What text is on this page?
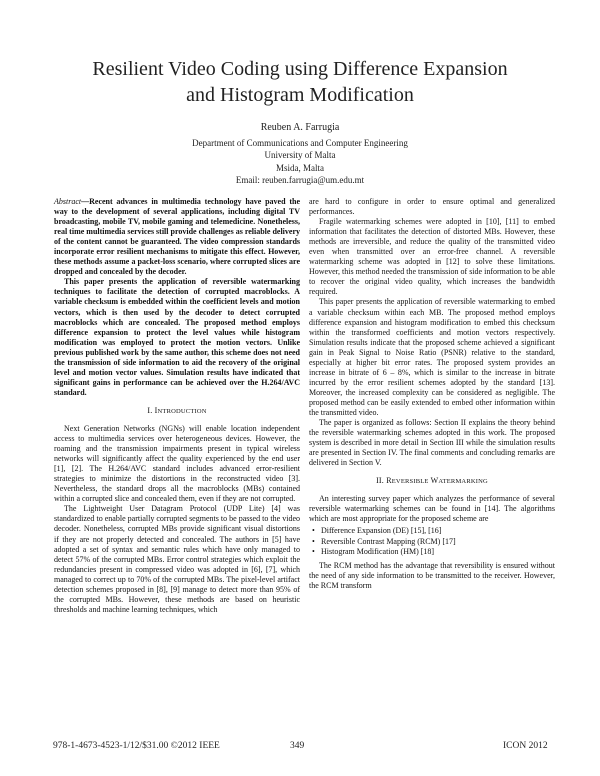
Resilient Video Coding using Difference Expansion
and Histogram Modification
Reuben A. Farrugia
Department of Communications and Computer Engineering
University of Malta
Msida, Malta
Email: reuben.farrugia@um.edu.mt

Abstract—Recent advances in multimedia technology have paved the way to the development of several applications, including digital TV broadcasting, mobile TV, mobile gaming and telemedicine. Nonetheless, real time multimedia services still provide challenges as reliable delivery of the content cannot be guaranteed. The video compression standards incorporate error resilient mechanisms to mitigate this effect. However, these methods assume a packet-loss scenario, where corrupted slices are dropped and concealed by the decoder.

This paper presents the application of reversible watermarking techniques to facilitate the detection of corrupted macroblocks. A variable checksum is embedded within the coefficient levels and motion vectors, which is then used by the decoder to detect corrupted macroblocks which are concealed. The proposed method employs difference expansion to protect the level values while histogram modification was employed to protect the motion vectors. Unlike previous published work by the same author, this scheme does not need the transmission of side information to aid the recovery of the original level and motion vector values. Simulation results have indicated that significant gains in performance can be achieved over the H.264/AVC standard.

I. INTRODUCTION

Next Generation Networks (NGNs) will enable location independent access to multimedia services over heterogeneous devices. However, the roaming and the transmission impairments present in typical wireless networks will significantly affect the quality experienced by the end user [1], [2]. The H.264/AVC standard includes advanced error-resilient strategies to minimize the distortions in the reconstructed video [3]. Nevertheless, the standard drops all the macroblocks (MBs) contained within a corrupted slice and concealed them, even if they are not corrupted.

The Lightweight User Datagram Protocol (UDP Lite) [4] was standardized to enable partially corrupted segments to be passed to the video decoder. Nonetheless, corrupted MBs provide significant visual distortions if they are not properly detected and concealed. The authors in [5] have adopted a set of syntax and semantic rules which have only managed to detect 57% of the corrupted MBs. Error control strategies which exploit the redundancies present in compressed video was adopted in [6], [7], which managed to correct up to 70% of the corrupted MBs. The pixel-level artifact detection schemes proposed in [8], [9] manage to detect more than 95% of the corrupted MBs. However, these methods are based on heuristic thresholds and machine learning techniques, which

are hard to configure in order to ensure optimal and generalized performances.

Fragile watermarking schemes were adopted in [10], [11] to embed information that facilitates the detection of distorted MBs. However, these methods are irreversible, and reduce the quality of the transmitted video even when transmitted over an error-free channel. A reversible watermarking scheme was adopted in [12] to solve these limitations. However, this method needed the transmission of side information to be able to recover the original video quality, which increases the bandwidth required.

This paper presents the application of reversible watermarking to embed a variable checksum within each MB. The proposed method employs difference expansion and histogram modification to embed this checksum within the transformed coefficients and motion vectors respectively. Simulation results indicate that the proposed scheme achieved a significant gain in Peak Signal to Noise Ratio (PSNR) relative to the standard, especially at higher bit error rates. The proposed system provides an increase in bitrate of 6 – 8%, which is similar to the increase in bitrate incurred by the error resilient schemes adopted by the standard [13]. Moreover, the increased complexity can be considered as negligible. The proposed method can be easily extended to embed other information within the transmitted video.

The paper is organized as follows: Section II explains the theory behind the reversible watermarking schemes adopted in this work. The proposed system is described in more detail in Section III while the simulation results are presented in Section IV. The final comments and concluding remarks are delivered in Section V.

II. REVERSIBLE WATERMARKING

An interesting survey paper which analyzes the performance of several reversible watermarking schemes can be found in [14]. The algorithms which are most appropriate for the proposed scheme are

• Difference Expansion (DE) [15], [16]
• Reversible Contrast Mapping (RCM) [17]
• Histogram Modification (HM) [18]

The RCM method has the advantage that reversibility is ensured without the need of any side information to be transmitted to the receiver. However, the RCM transform

978-1-4673-4523-1/12/$31.00 ©2012 IEEE	349	ICON 2012
